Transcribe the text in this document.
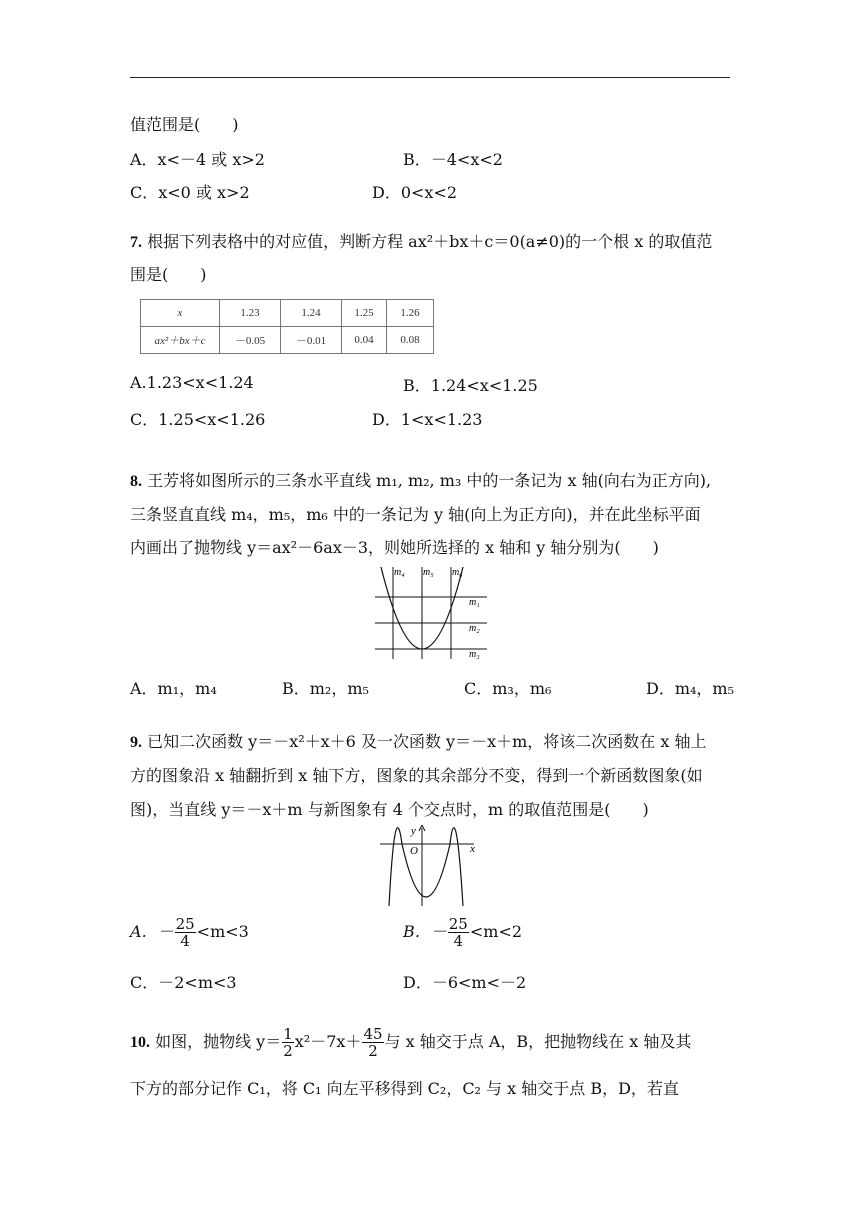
值范围是(　　)
A．x<－4 或 x>2	B．－4<x<2
C．x<0 或 x>2	D．0<x<2
7. 根据下列表格中的对应值，判断方程 ax²＋bx＋c＝0(a≠0)的一个根 x 的取值范
围是(　　)
x	1.23	1.24	1.25	1.26
ax²＋bx＋c	－0.05	－0.01	0.04	0.08
A.1.23<x<1.24	B．1.24<x<1.25
C．1.25<x<1.26	D．1<x<1.23
8. 王芳将如图所示的三条水平直线 m₁, m₂, m₃ 中的一条记为 x 轴(向右为正方向),
三条竖直直线 m₄，m₅，m₆ 中的一条记为 y 轴(向上为正方向)，并在此坐标平面
内画出了抛物线 y＝ax²－6ax－3，则她所选择的 x 轴和 y 轴分别为(　　)
m₄ m₅ m₆
m₁
m₂
m₃
A．m₁，m₄	B．m₂，m₅	C．m₃，m₆	D．m₄，m₅
9. 已知二次函数 y＝－x²＋x＋6 及一次函数 y＝－x＋m，将该二次函数在 x 轴上
方的图象沿 x 轴翻折到 x 轴下方，图象的其余部分不变，得到一个新函数图象(如
图)，当直线 y＝－x＋m 与新图象有 4 个交点时，m 的取值范围是(　　)
y
O	x
A．－ $\frac{25}{4} <m<3$	B．－ $\frac{25}{4} <m<2$
C．－2<m<3	D．－6<m<－2
10. 如图，抛物线 $y= \frac{1}{2} x^2-7x+ \frac{45}{2}$ 与 x 轴交于点 A，B，把抛物线在 x 轴及其
下方的部分记作 C₁，将 C₁ 向左平移得到 C₂，C₂ 与 x 轴交于点 B，D，若直
